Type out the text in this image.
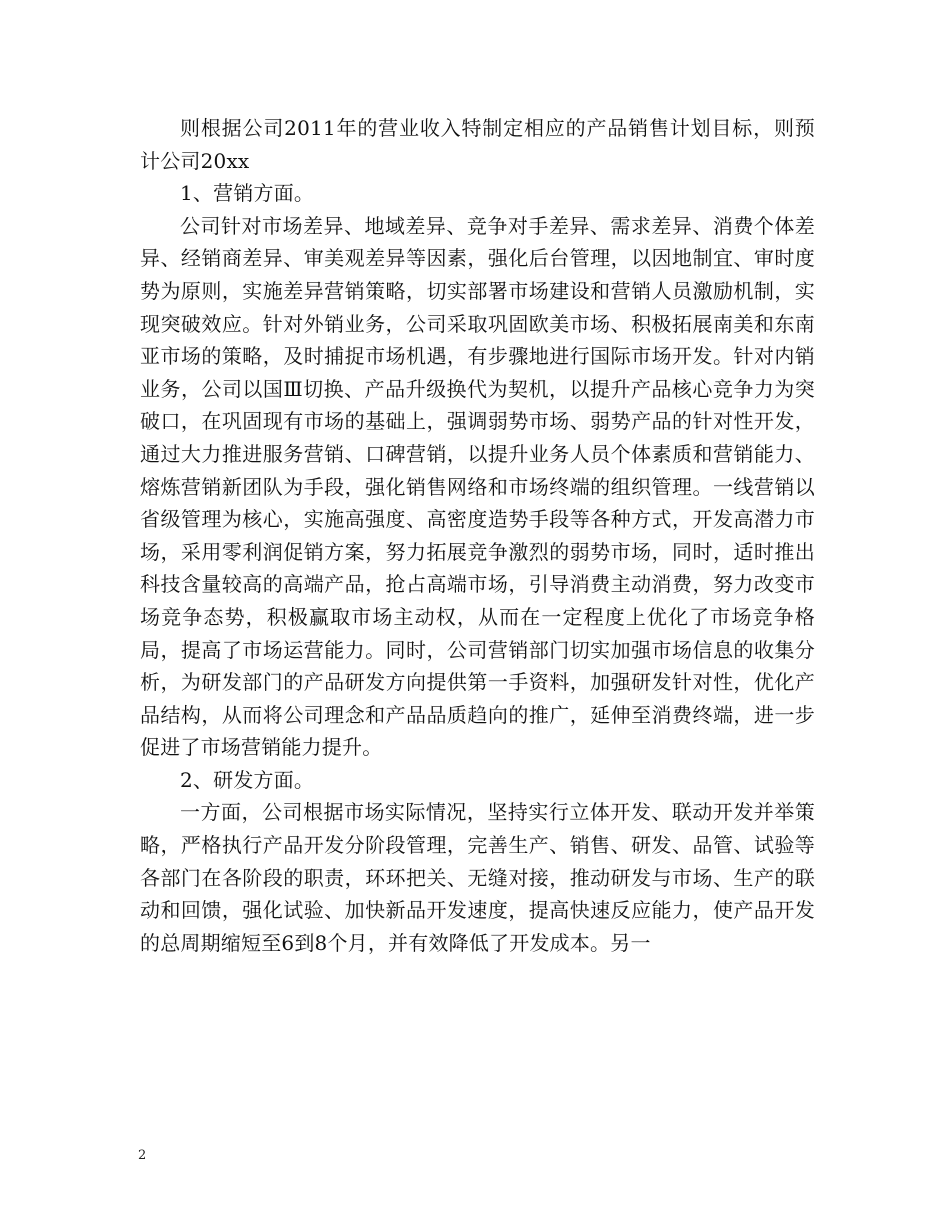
则根据公司2011年的营业收入特制定相应的产品销售计划目标，则预计公司20xx

1、营销方面。

公司针对市场差异、地域差异、竞争对手差异、需求差异、消费个体差异、经销商差异、审美观差异等因素，强化后台管理，以因地制宜、审时度势为原则，实施差异营销策略，切实部署市场建设和营销人员激励机制，实现突破效应。针对外销业务，公司采取巩固欧美市场、积极拓展南美和东南亚市场的策略，及时捕捉市场机遇，有步骤地进行国际市场开发。针对内销业务，公司以国Ⅲ切换、产品升级换代为契机，以提升产品核心竞争力为突破口，在巩固现有市场的基础上，强调弱势市场、弱势产品的针对性开发，通过大力推进服务营销、口碑营销，以提升业务人员个体素质和营销能力、熔炼营销新团队为手段，强化销售网络和市场终端的组织管理。一线营销以省级管理为核心，实施高强度、高密度造势手段等各种方式，开发高潜力市场，采用零利润促销方案，努力拓展竞争激烈的弱势市场，同时，适时推出科技含量较高的高端产品，抢占高端市场，引导消费主动消费，努力改变市场竞争态势，积极赢取市场主动权，从而在一定程度上优化了市场竞争格局，提高了市场运营能力。同时，公司营销部门切实加强市场信息的收集分析，为研发部门的产品研发方向提供第一手资料，加强研发针对性，优化产品结构，从而将公司理念和产品品质趋向的推广，延伸至消费终端，进一步促进了市场营销能力提升。

2、研发方面。

一方面，公司根据市场实际情况，坚持实行立体开发、联动开发并举策略，严格执行产品开发分阶段管理，完善生产、销售、研发、品管、试验等各部门在各阶段的职责，环环把关、无缝对接，推动研发与市场、生产的联动和回馈，强化试验、加快新品开发速度，提高快速反应能力，使产品开发的总周期缩短至6到8个月，并有效降低了开发成本。另一

2
